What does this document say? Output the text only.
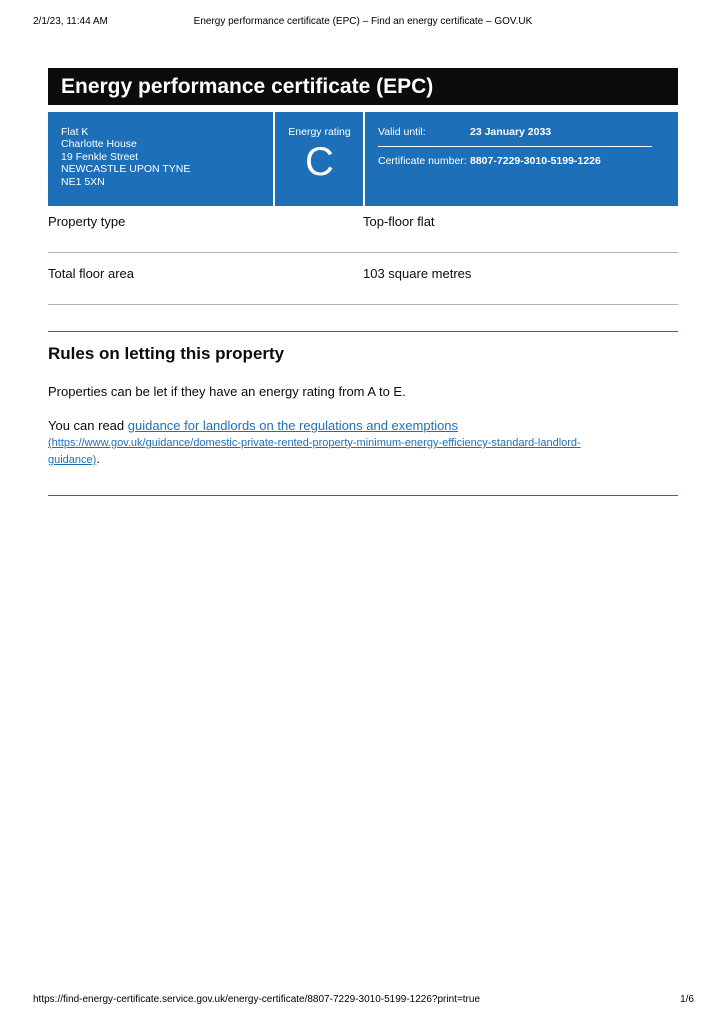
2/1/23, 11:44 AM	Energy performance certificate (EPC) – Find an energy certificate – GOV.UK
Energy performance certificate (EPC)
Flat K
Charlotte House
19 Fenkle Street
NEWCASTLE UPON TYNE
NE1 5XN
Energy rating
C
Valid until:	23 January 2033
Certificate number: 8807-7229-3010-5199-1226
Property type	Top-floor flat
Total floor area	103 square metres
Rules on letting this property
Properties can be let if they have an energy rating from A to E.
You can read guidance for landlords on the regulations and exemptions
(https://www.gov.uk/guidance/domestic-private-rented-property-minimum-energy-efficiency-standard-landlord-
guidance).
https://find-energy-certificate.service.gov.uk/energy-certificate/8807-7229-3010-5199-1226?print=true	1/6
